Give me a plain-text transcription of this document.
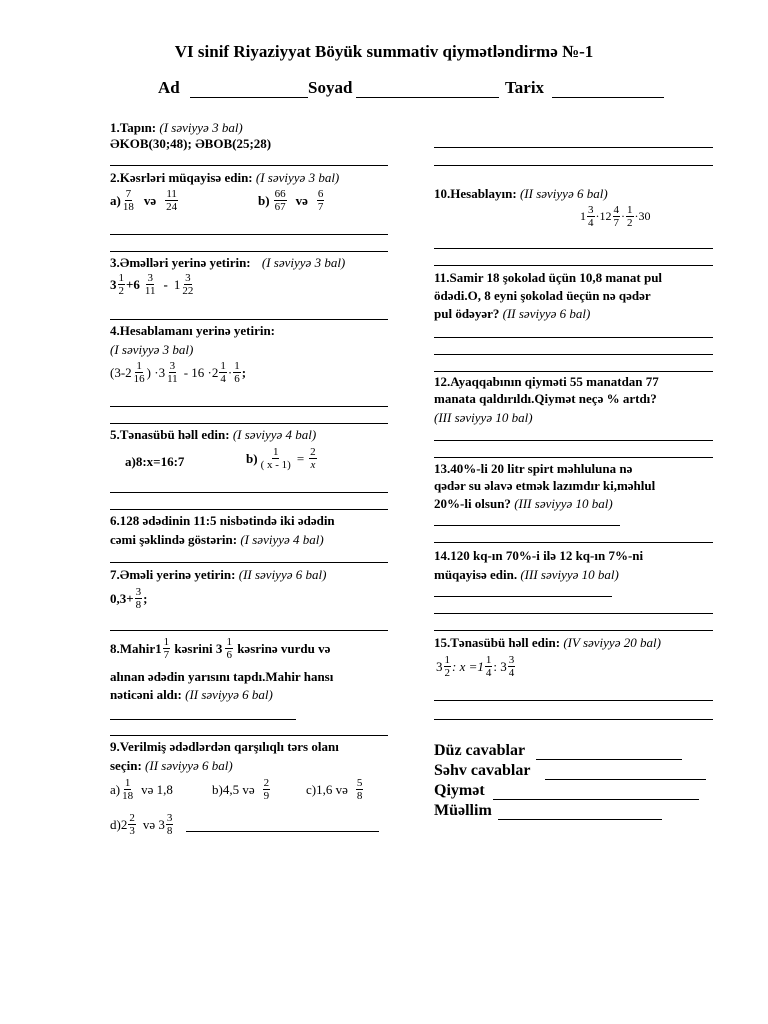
VI sinif Riyaziyyat Böyük summativ qiymətləndirmə №-1
Ad	Soyad	Tarix
1.Tapın: (I səviyyə 3 bal)
ƏKOB(30;48); ƏBOB(25;28)
2.Kəsrləri müqayisə edin: (I səviyyə 3 bal)
$a) \frac{7}{18}$ və $\frac{11}{24}$	$b) \frac{66}{67}$ və $\frac{6}{7}$
3.Əməlləri yerinə yetirin: (I səviyyə 3 bal)
$3 \frac{1}{2} +6 \frac{3}{11} - 1 \frac{3}{22}$
4.Hesablamanı yerinə yetirin:
(I səviyyə 3 bal)
($3-2 \frac{1}{16}$ ) $\cdot 3 \frac{3}{11} - 16 \cdot 2 \frac{1}{4} \cdot \frac{1}{6}$ ;
5.Tənasübü həll edin: (I səviyyə 4 bal)
a)8:x=16:7	$b) \frac{1}{( x - 1)} = \frac{2}{x}$
6.128 ədədinin 11:5 nisbətində iki ədədin
cəmi şəklində göstərin: (I səviyyə 4 bal)
7.Əməli yerinə yetirin: (II səviyyə 6 bal)
$0,3+ \frac{3}{8}$ ;
8.Mahir1 $\frac{1}{7}$ kəsrini $3 \frac{1}{6}$ kəsrinə vurdu və
alınan ədədin yarısını tapdı.Mahir hansı
nəticəni aldı: (II səviyyə 6 bal)
9.Verilmiş ədədlərdən qarşılıqlı tərs olanı
seçin: (II səviyyə 6 bal)
$a) \frac{1}{18}$ və 1,8	b)4,5 və $\frac{2}{9}$	c)1,6 və $\frac{5}{8}$
$d)2 \frac{2}{3}$ və $3 \frac{3}{8}$
10.Hesablayın: (II səviyyə 6 bal)
$1 \frac{3}{4} \cdot 12 \frac{4}{7} \cdot \frac{1}{2} \cdot 30$
11.Samir 18 şokolad üçün 10,8 manat pul
ödədi.O, 8 eyni şokolad üeçün nə qədər
pul ödəyər? (II səviyyə 6 bal)
12.Ayaqqabının qiyməti 55 manatdan 77
manata qaldırıldı.Qiymət neçə % artdı?
(III səviyyə 10 bal)
13.40%-li 20 litr spirt məhluluna nə
qədər su əlavə etmək lazımdır ki,məhlul
20%-li olsun? (III səviyyə 10 bal)
14.120 kq-ın 70%-i ilə 12 kq-ın 7%-ni
müqayisə edin. (III səviyyə 10 bal)
15.Tənasübü həll edin: (IV səviyyə 20 bal)
$3 \frac{1}{2}$ : $x =1 \frac{1}{4}$ : $3 \frac{3}{4}$
Düz cavablar
Səhv cavablar
Qiymət
Müəllim
